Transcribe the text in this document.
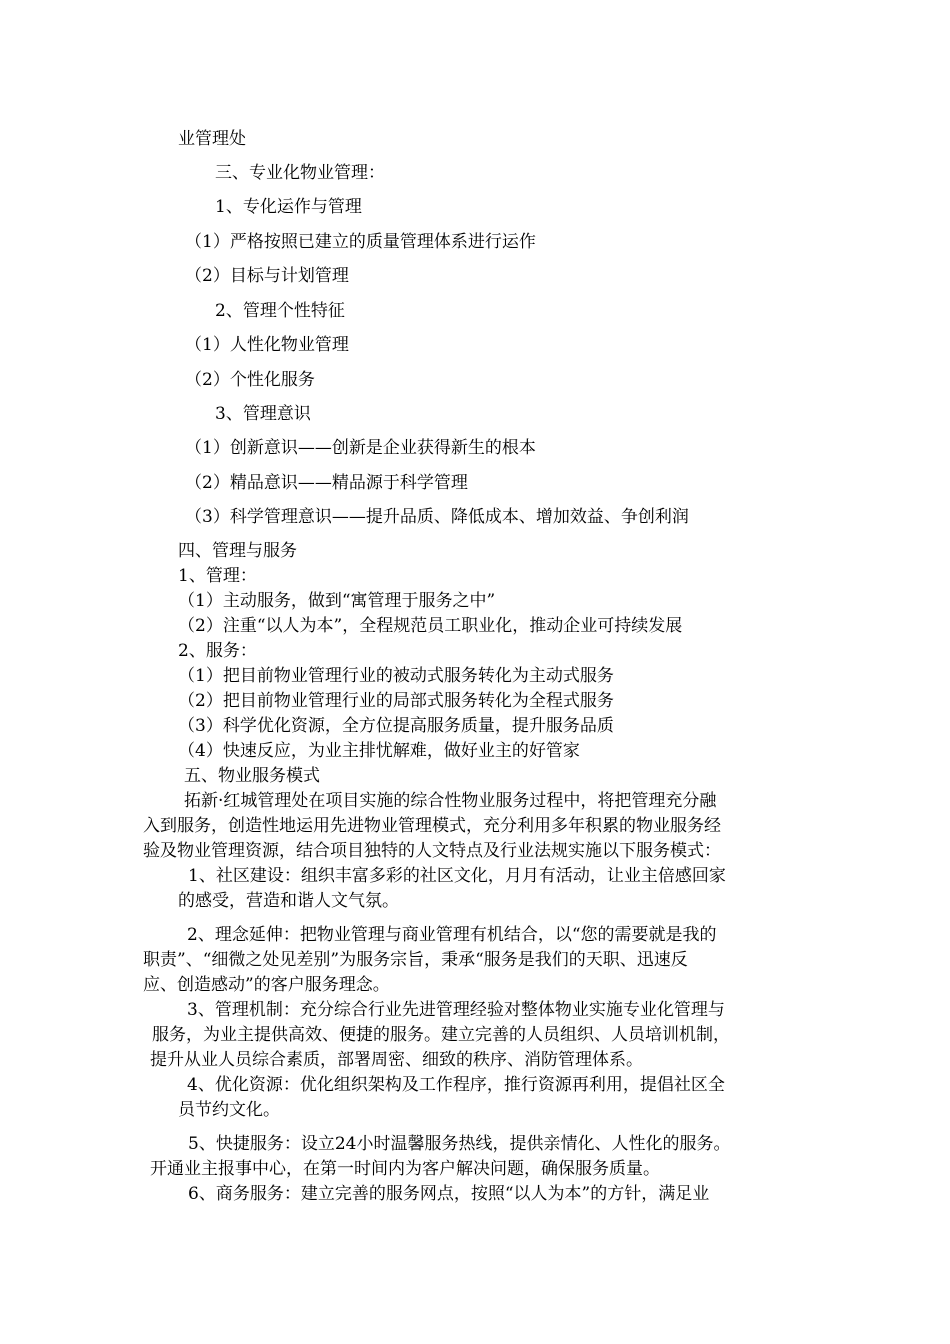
业管理处

三、专业化物业管理：

1、专化运作与管理

（1）严格按照已建立的质量管理体系进行运作

（2）目标与计划管理

2、管理个性特征

（1）人性化物业管理

（2）个性化服务

3、管理意识

（1）创新意识——创新是企业获得新生的根本

（2）精品意识——精品源于科学管理

（3）科学管理意识——提升品质、降低成本、增加效益、争创利润

四、管理与服务

1、管理：

（1）主动服务，做到“寓管理于服务之中”

（2）注重“以人为本”，全程规范员工职业化，推动企业可持续发展

2、服务：

（1）把目前物业管理行业的被动式服务转化为主动式服务

（2）把目前物业管理行业的局部式服务转化为全程式服务

（3）科学优化资源，全方位提高服务质量，提升服务品质

（4）快速反应，为业主排忧解难，做好业主的好管家

五、物业服务模式

拓新·红城管理处在项目实施的综合性物业服务过程中，将把管理充分融

入到服务，创造性地运用先进物业管理模式，充分利用多年积累的物业服务经

验及物业管理资源，结合项目独特的人文特点及行业法规实施以下服务模式：

1、社区建设：组织丰富多彩的社区文化，月月有活动，让业主倍感回家

的感受，营造和谐人文气氛。

2、理念延伸：把物业管理与商业管理有机结合，以“您的需要就是我的

职责”、“细微之处见差别”为服务宗旨，秉承“服务是我们的天职、迅速反

应、创造感动”的客户服务理念。

3、管理机制：充分综合行业先进管理经验对整体物业实施专业化管理与

服务，为业主提供高效、便捷的服务。建立完善的人员组织、人员培训机制，

提升从业人员综合素质，部署周密、细致的秩序、消防管理体系。

4、优化资源：优化组织架构及工作程序，推行资源再利用，提倡社区全

员节约文化。

5、快捷服务：设立24小时温馨服务热线，提供亲情化、人性化的服务。

开通业主报事中心，在第一时间内为客户解决问题，确保服务质量。

6、商务服务：建立完善的服务网点，按照“以人为本”的方针，满足业
